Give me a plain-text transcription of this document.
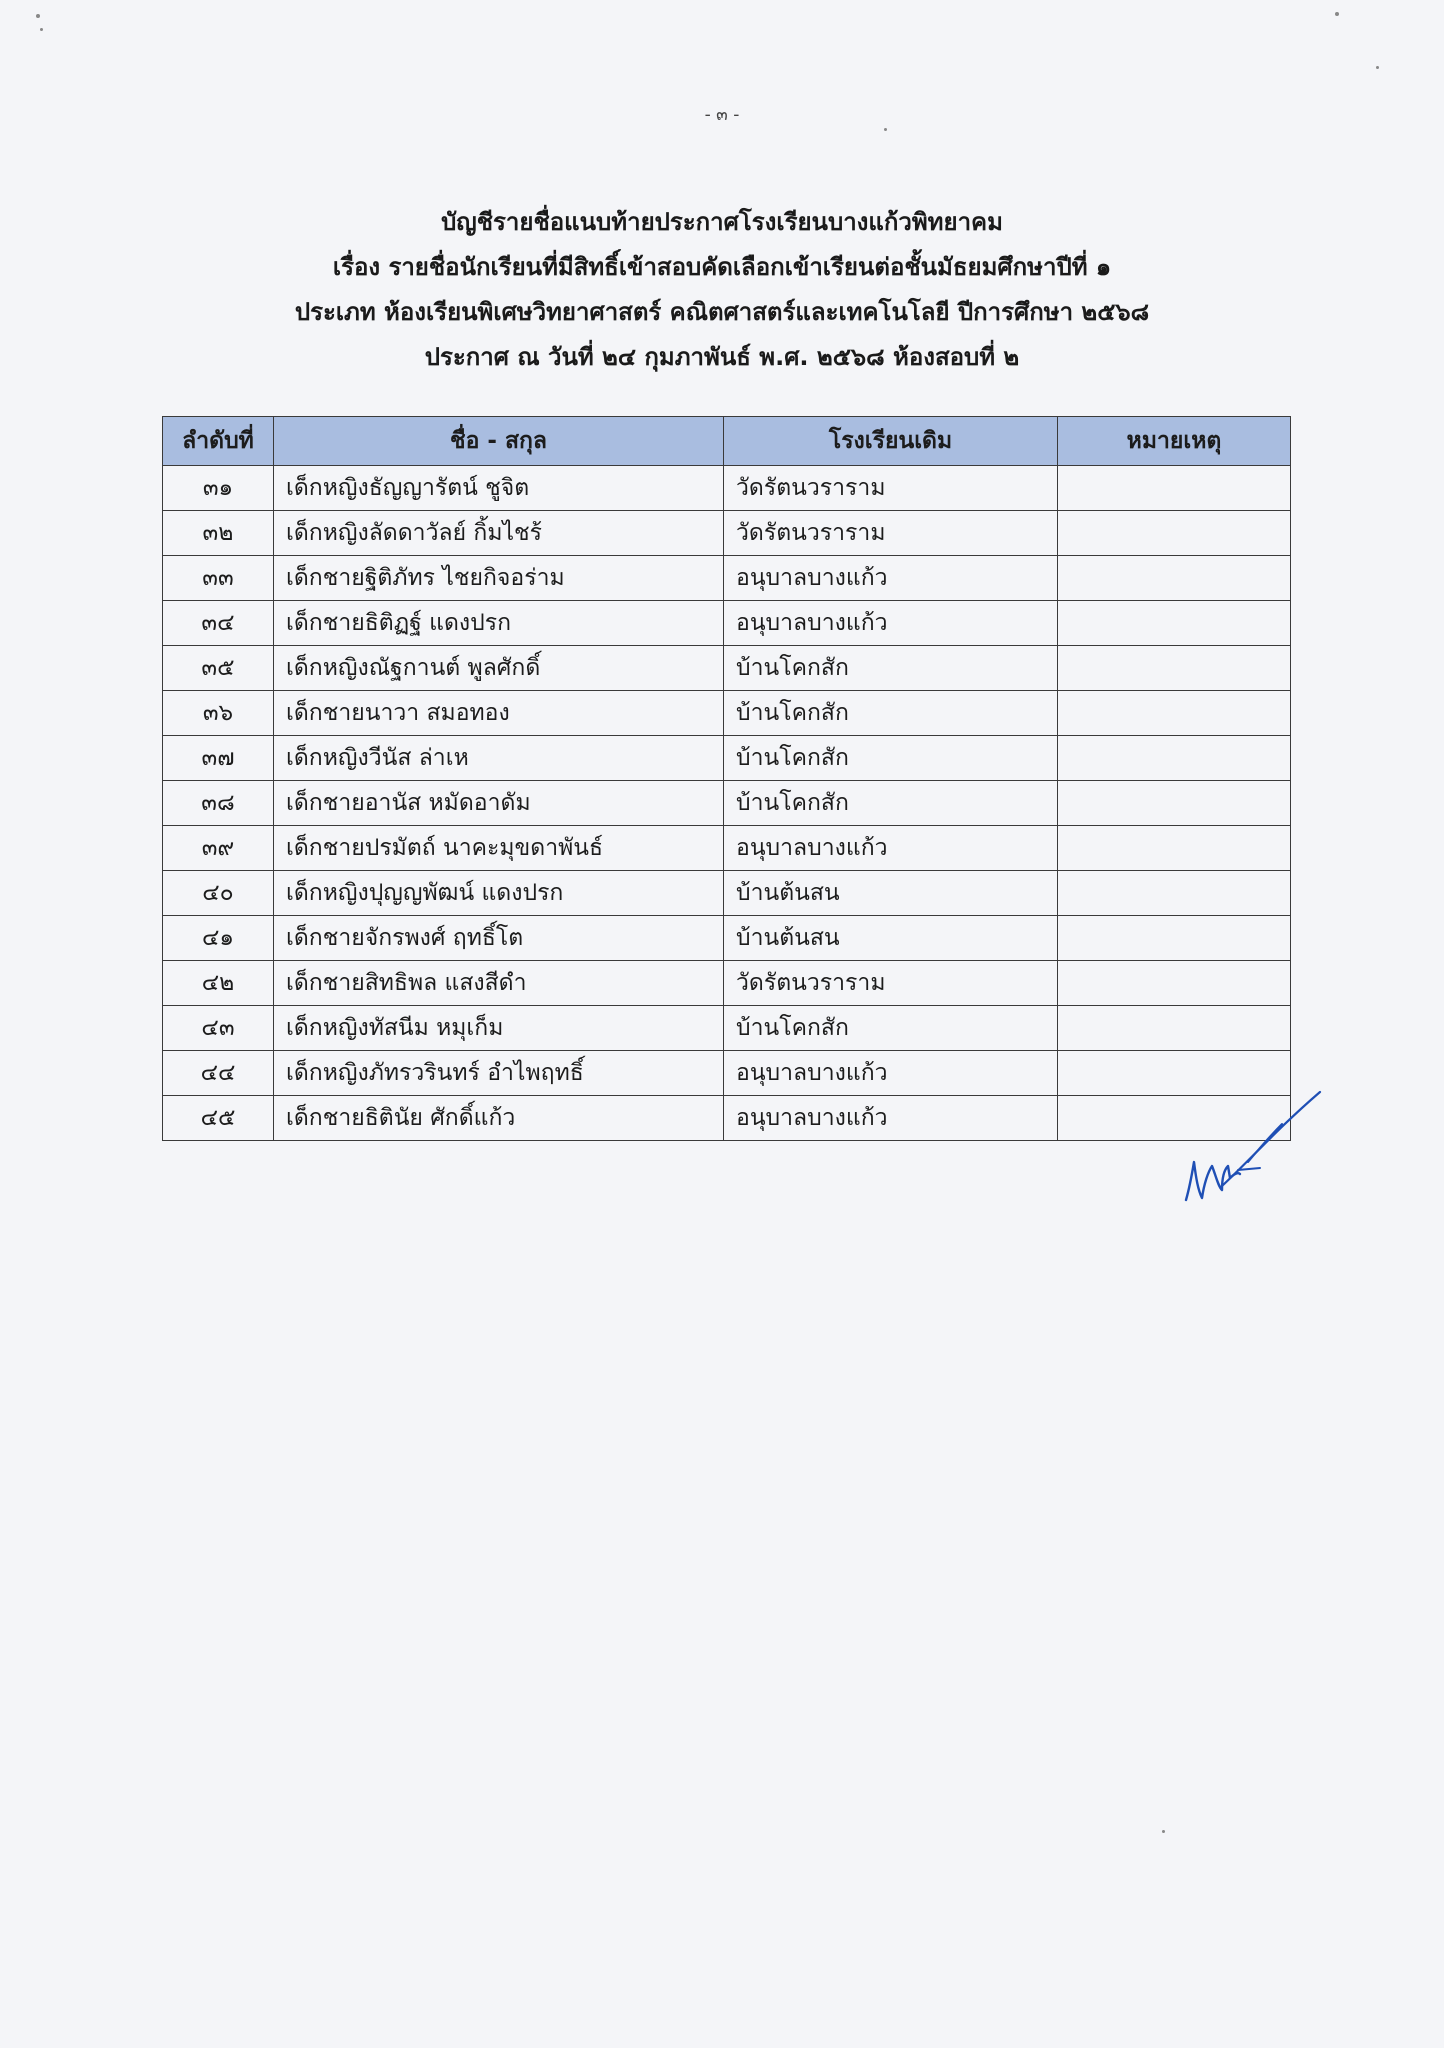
- ๓ -
บัญชีรายชื่อแนบท้ายประกาศโรงเรียนบางแก้วพิทยาคม
เรื่อง รายชื่อนักเรียนที่มีสิทธิ์เข้าสอบคัดเลือกเข้าเรียนต่อชั้นมัธยมศึกษาปีที่ ๑
ประเภท ห้องเรียนพิเศษวิทยาศาสตร์ คณิตศาสตร์และเทคโนโลยี ปีการศึกษา ๒๕๖๘
ประกาศ ณ วันที่ ๒๔ กุมภาพันธ์ พ.ศ. ๒๕๖๘ ห้องสอบที่ ๒
ลำดับที่	ชื่อ - สกุล	โรงเรียนเดิม	หมายเหตุ
๓๑	เด็กหญิงธัญญารัตน์ ชูจิต	วัดรัตนวราราม	
๓๒	เด็กหญิงลัดดาวัลย์ กิ้มไชร้	วัดรัตนวราราม	
๓๓	เด็กชายฐิติภัทร ไชยกิจอร่าม	อนุบาลบางแก้ว	
๓๔	เด็กชายธิติฏฐ์ แดงปรก	อนุบาลบางแก้ว	
๓๕	เด็กหญิงณัฐกานต์ พูลศักดิ์	บ้านโคกสัก	
๓๖	เด็กชายนาวา สมอทอง	บ้านโคกสัก	
๓๗	เด็กหญิงวีนัส ล่าเห	บ้านโคกสัก	
๓๘	เด็กชายอานัส หมัดอาดัม	บ้านโคกสัก	
๓๙	เด็กชายปรมัตถ์ นาคะมุขดาพันธ์	อนุบาลบางแก้ว	
๔๐	เด็กหญิงปุญญพัฒน์ แดงปรก	บ้านต้นสน	
๔๑	เด็กชายจักรพงศ์ ฤทธิ์โต	บ้านต้นสน	
๔๒	เด็กชายสิทธิพล แสงสีดำ	วัดรัตนวราราม	
๔๓	เด็กหญิงทัสนีม หมุเก็ม	บ้านโคกสัก	
๔๔	เด็กหญิงภัทรวรินทร์ อำไพฤทธิ์	อนุบาลบางแก้ว	
๔๕	เด็กชายธิตินัย ศักดิ์แก้ว	อนุบาลบางแก้ว	
